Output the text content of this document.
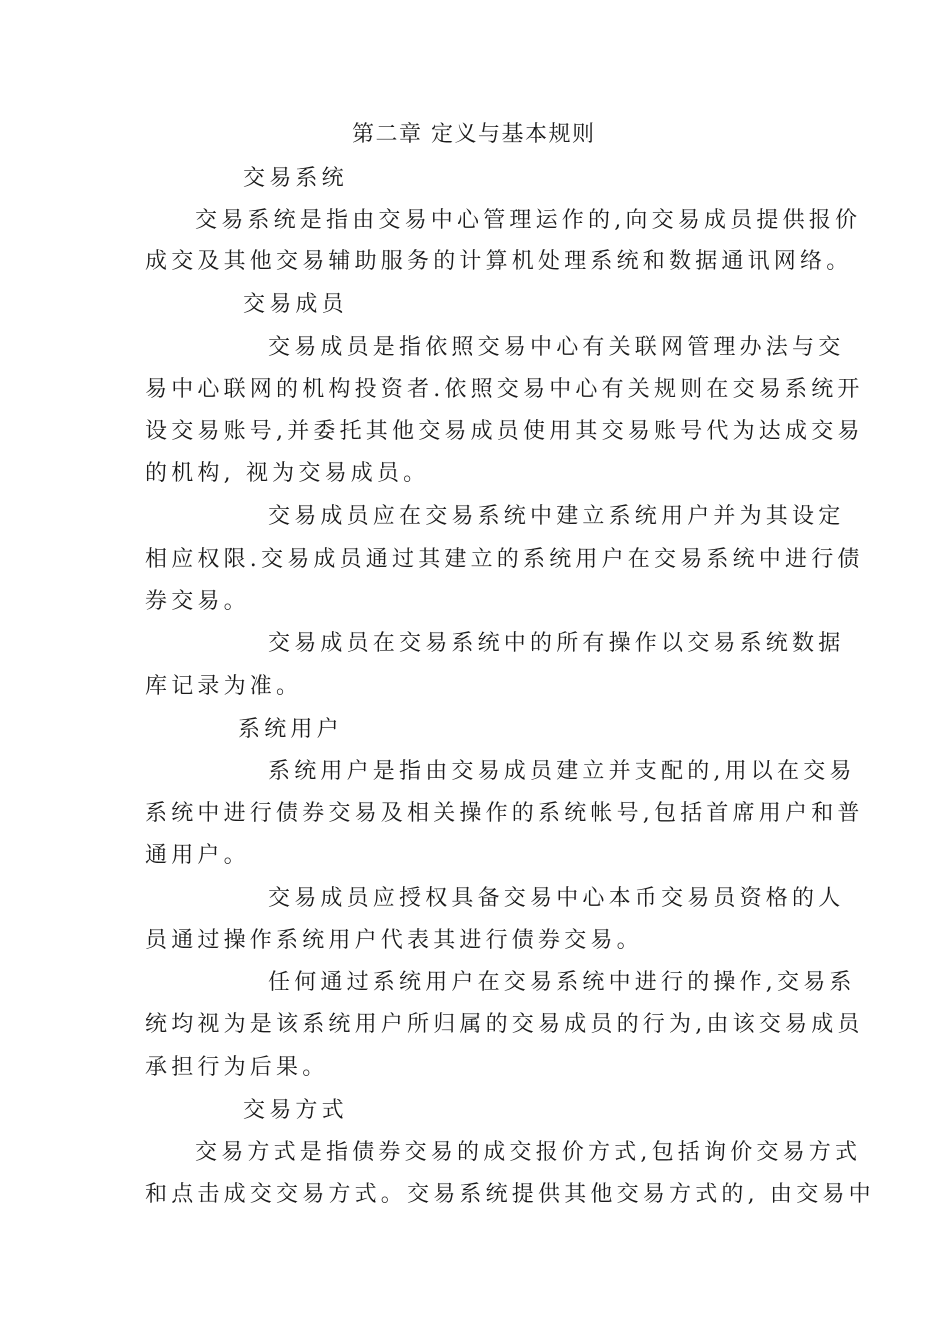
第二章 定义与基本规则
交易系统
交易系统是指由交易中心管理运作的,向交易成员提供报价
成交及其他交易辅助服务的计算机处理系统和数据通讯网络。
交易成员
交易成员是指依照交易中心有关联网管理办法与交
易中心联网的机构投资者.依照交易中心有关规则在交易系统开
设交易账号,并委托其他交易成员使用其交易账号代为达成交易
的机构, 视为交易成员。
交易成员应在交易系统中建立系统用户并为其设定
相应权限.交易成员通过其建立的系统用户在交易系统中进行债
券交易。
交易成员在交易系统中的所有操作以交易系统数据
库记录为准。
系统用户
系统用户是指由交易成员建立并支配的,用以在交易
系统中进行债券交易及相关操作的系统帐号,包括首席用户和普
通用户。
交易成员应授权具备交易中心本币交易员资格的人
员通过操作系统用户代表其进行债券交易。
任何通过系统用户在交易系统中进行的操作,交易系
统均视为是该系统用户所归属的交易成员的行为,由该交易成员
承担行为后果。
交易方式
交易方式是指债券交易的成交报价方式,包括询价交易方式
和点击成交交易方式。交易系统提供其他交易方式的, 由交易中
